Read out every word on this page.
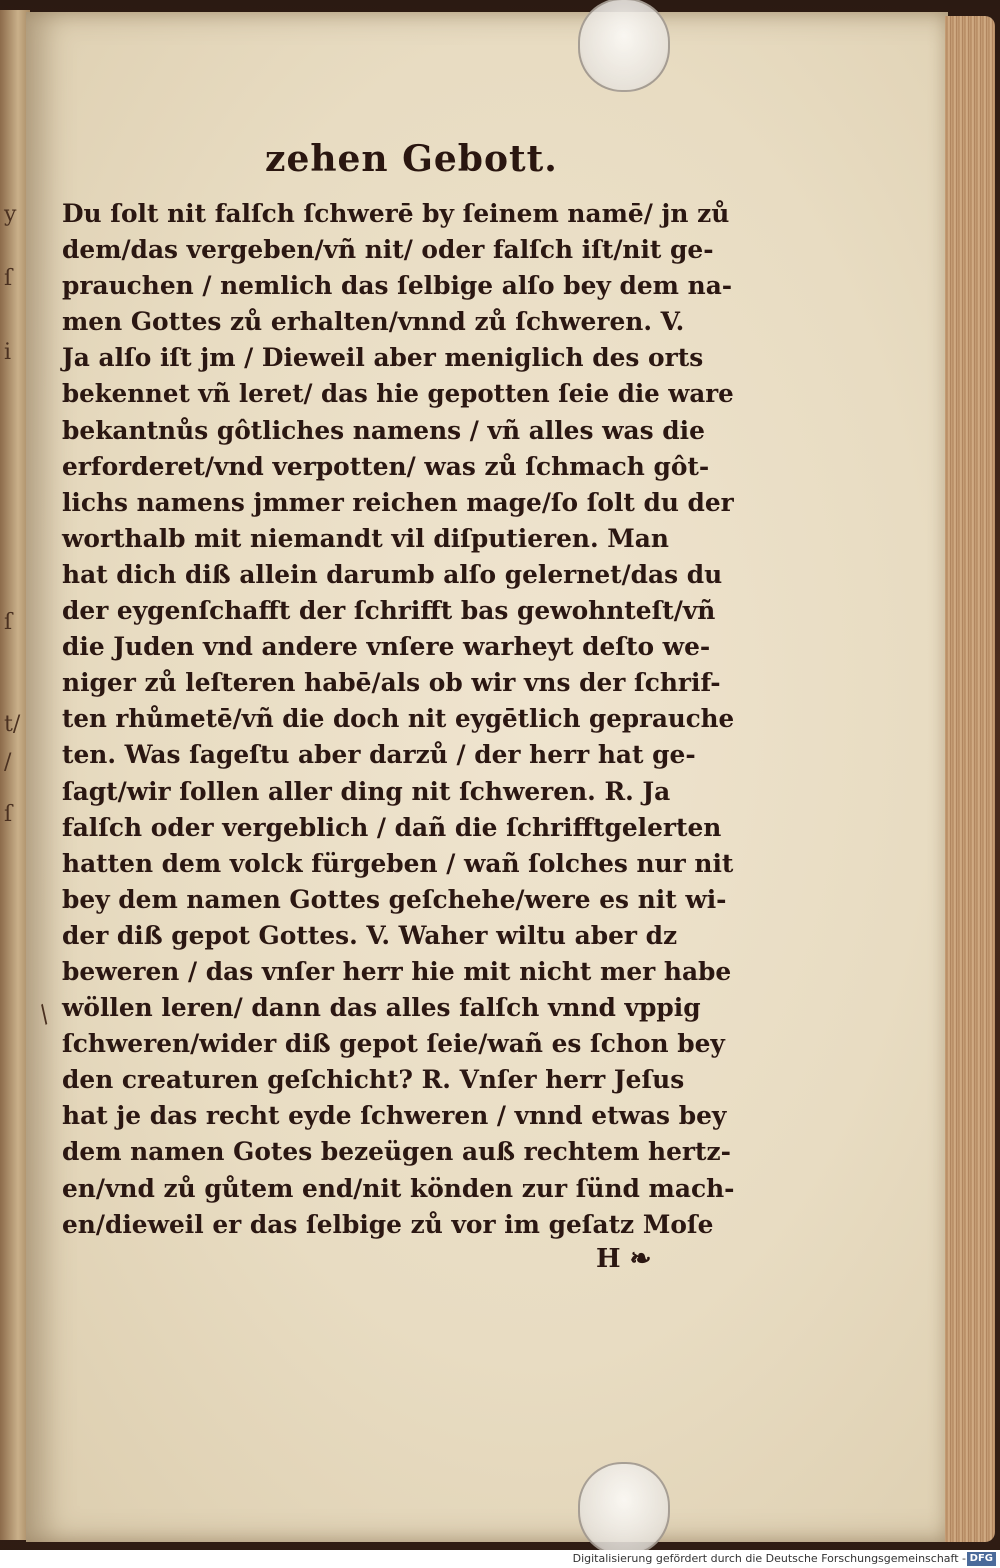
y
ſ
i
ſ
t/
/
ſ
zehen Gebott.
Du ſolt nit falſch ſchwerē by ſeinem namē/ jn zů
dem/das vergeben/vñ nit/ oder falſch iſt/nit ge-
prauchen / nemlich das ſelbige alſo bey dem na-
men Gottes zů erhalten/vnnd zů ſchweren. V.
Ja alſo iſt jm / Dieweil aber meniglich des orts
bekennet vñ leret/ das hie gepotten ſeie die ware
bekantnůs gôtliches namens / vñ alles was die
erforderet/vnd verpotten/ was zů ſchmach gôt-
lichs namens jmmer reichen mage/ſo ſolt du der
worthalb mit niemandt vil diſputieren. Man
hat dich diß allein darumb alſo gelernet/das du
der eygenſchafft der ſchrifft bas gewohnteſt/vñ
die Juden vnd andere vnſere warheyt deſto we-
niger zů leſteren habē/als ob wir vns der ſchrif-
ten rhůmetē/vñ die doch nit eygētlich geprauche
ten. Was ſageſtu aber darzů / der herr hat ge-
ſagt/wir ſollen aller ding nit ſchweren. R. Ja
falſch oder vergeblich / dañ die ſchrifftgelerten
hatten dem volck fürgeben / wañ ſolches nur nit
bey dem namen Gottes geſchehe/were es nit wi-
der diß gepot Gottes. V. Waher wiltu aber dz
beweren / das vnſer herr hie mit nicht mer habe
wöllen leren/ dann das alles falſch vnnd vppig
ſchweren/wider diß gepot ſeie/wañ es ſchon bey
den creaturen geſchicht? R. Vnſer herr Jeſus
hat je das recht eyde ſchweren / vnnd etwas bey
dem namen Gotes bezeügen auß rechtem hertz-
en/vnd zů gůtem end/nit könden zur ſünd mach-
en/dieweil er das ſelbige zů vor im geſatz Moſe
H ❧
/
Digitalisierung gefördert durch die Deutsche Forschungsgemeinschaft - DFG
